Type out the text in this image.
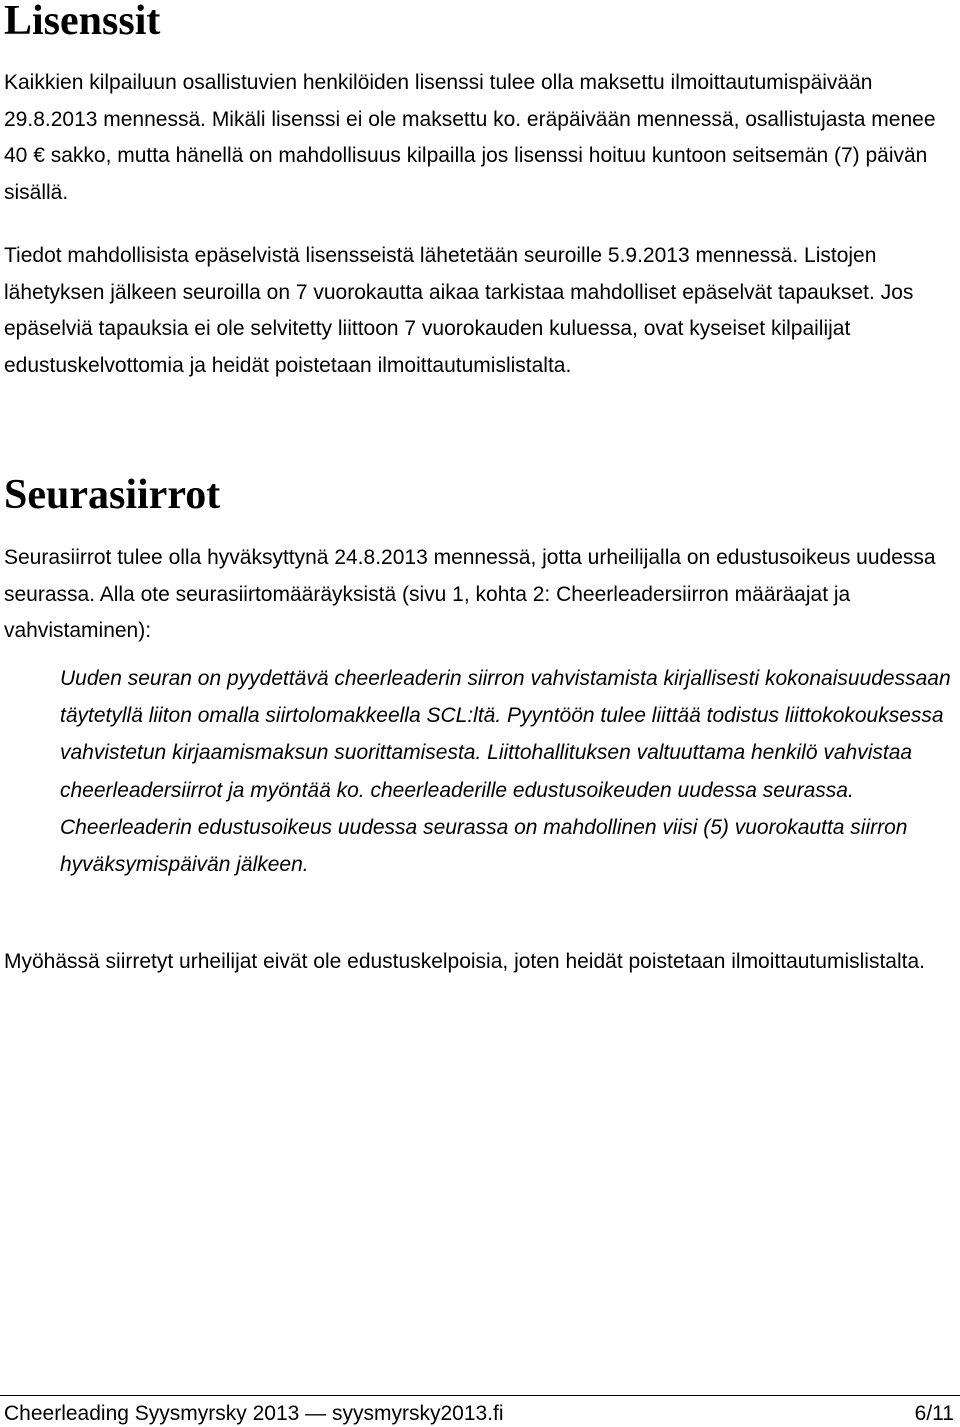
Lisenssit

Kaikkien kilpailuun osallistuvien henkilöiden lisenssi tulee olla maksettu ilmoittautumispäivään 29.8.2013 mennessä. Mikäli lisenssi ei ole maksettu ko. eräpäivään mennessä, osallistujasta menee 40 € sakko, mutta hänellä on mahdollisuus kilpailla jos lisenssi hoituu kuntoon seitsemän (7) päivän sisällä.

Tiedot mahdollisista epäselvistä lisensseistä lähetetään seuroille 5.9.2013 mennessä. Listojen lähetyksen jälkeen seuroilla on 7 vuorokautta aikaa tarkistaa mahdolliset epäselvät tapaukset. Jos epäselviä tapauksia ei ole selvitetty liittoon 7 vuorokauden kuluessa, ovat kyseiset kilpailijat edustuskelvottomia ja heidät poistetaan ilmoittautumislistalta.

Seurasiirrot

Seurasiirrot tulee olla hyväksyttynä 24.8.2013 mennessä, jotta urheilijalla on edustusoikeus uudessa seurassa. Alla ote seurasiirtomääräyksistä (sivu 1, kohta 2: Cheerleadersiirron määräajat ja vahvistaminen):

Uuden seuran on pyydettävä cheerleaderin siirron vahvistamista kirjallisesti kokonaisuudessaan täytetyllä liiton omalla siirtolomakkeella SCL:ltä. Pyyntöön tulee liittää todistus liittokokouksessa vahvistetun kirjaamismaksun suorittamisesta. Liittohallituksen valtuuttama henkilö vahvistaa cheerleadersiirrot ja myöntää ko. cheerleaderille edustusoikeuden uudessa seurassa. Cheerleaderin edustusoikeus uudessa seurassa on mahdollinen viisi (5) vuorokautta siirron hyväksymispäivän jälkeen.

Myöhässä siirretyt urheilijat eivät ole edustuskelpoisia, joten heidät poistetaan ilmoittautumislistalta.

Cheerleading Syysmyrsky 2013 — syysmyrsky2013.fi	6/11
